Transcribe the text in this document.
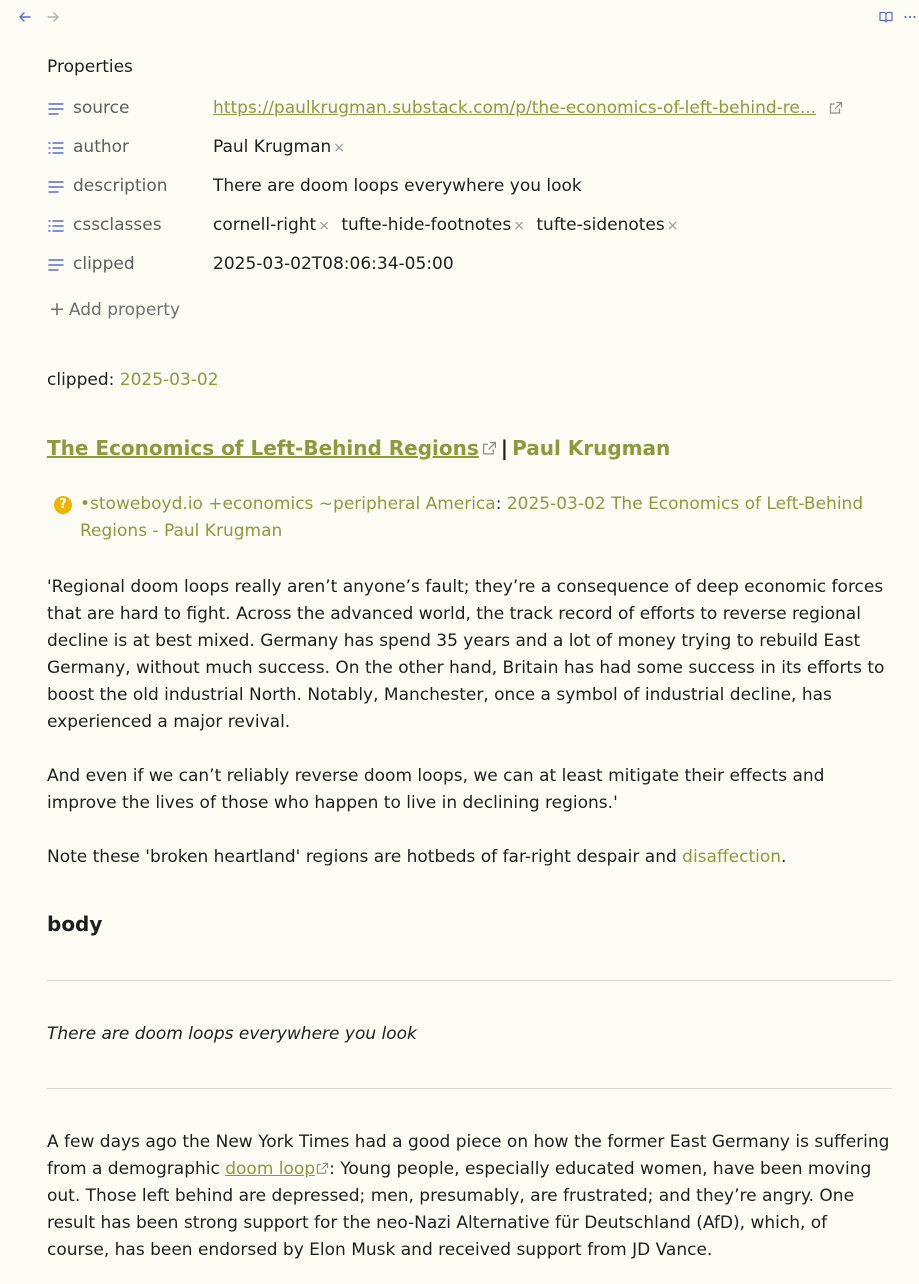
Properties
source	https://paulkrugman.substack.com/p/the-economics-of-left-behind-re...
author	Paul Krugman ×
description	There are doom loops everywhere you look
cssclasses	cornell-right × tufte-hide-footnotes × tufte-sidenotes ×
clipped	2025-03-02T08:06:34-05:00
+ Add property
clipped: 2025-03-02
The Economics of Left-Behind Regions | Paul Krugman
? •stoweboyd.io +economics ~peripheral America: 2025-03-02 The Economics of Left-Behind Regions - Paul Krugman
'Regional doom loops really aren’t anyone’s fault; they’re a consequence of deep economic forces that are hard to fight. Across the advanced world, the track record of efforts to reverse regional decline is at best mixed. Germany has spend 35 years and a lot of money trying to rebuild East Germany, without much success. On the other hand, Britain has had some success in its efforts to boost the old industrial North. Notably, Manchester, once a symbol of industrial decline, has experienced a major revival.
And even if we can’t reliably reverse doom loops, we can at least mitigate their effects and improve the lives of those who happen to live in declining regions.'
Note these 'broken heartland' regions are hotbeds of far-right despair and disaffection.
body
There are doom loops everywhere you look
A few days ago the New York Times had a good piece on how the former East Germany is suffering from a demographic doom loop : Young people, especially educated women, have been moving out. Those left behind are depressed; men, presumably, are frustrated; and they’re angry. One result has been strong support for the neo-Nazi Alternative für Deutschland (AfD), which, of course, has been endorsed by Elon Musk and received support from JD Vance.
